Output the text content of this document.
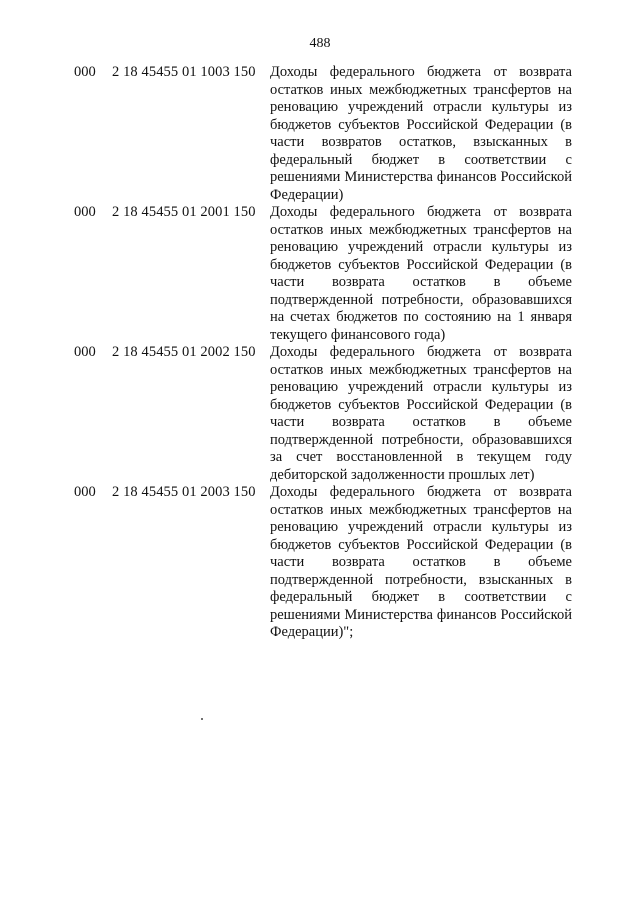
488
000	2 18 45455 01 1003 150 Доходы федерального бюджета от возврата остатков иных межбюджетных трансфертов на реновацию учреждений отрасли культуры из бюджетов субъектов Российской Федерации (в части возвратов остатков, взысканных в федеральный бюджет в соответствии с решениями Министерства финансов Российской Федерации)
000	2 18 45455 01 2001 150 Доходы федерального бюджета от возврата остатков иных межбюджетных трансфертов на реновацию учреждений отрасли культуры из бюджетов субъектов Российской Федерации (в части возврата остатков в объеме подтвержденной потребности, образовавшихся на счетах бюджетов по состоянию на 1 января текущего финансового года)
000	2 18 45455 01 2002 150 Доходы федерального бюджета от возврата остатков иных межбюджетных трансфертов на реновацию учреждений отрасли культуры из бюджетов субъектов Российской Федерации (в части возврата остатков в объеме подтвержденной потребности, образовавшихся за счет восстановленной в текущем году дебиторской задолженности прошлых лет)
000	2 18 45455 01 2003 150 Доходы федерального бюджета от возврата остатков иных межбюджетных трансфертов на реновацию учреждений отрасли культуры из бюджетов субъектов Российской Федерации (в части возврата остатков в объеме подтвержденной потребности, взысканных в федеральный бюджет в соответствии с решениями Министерства финансов Российской Федерации)";
